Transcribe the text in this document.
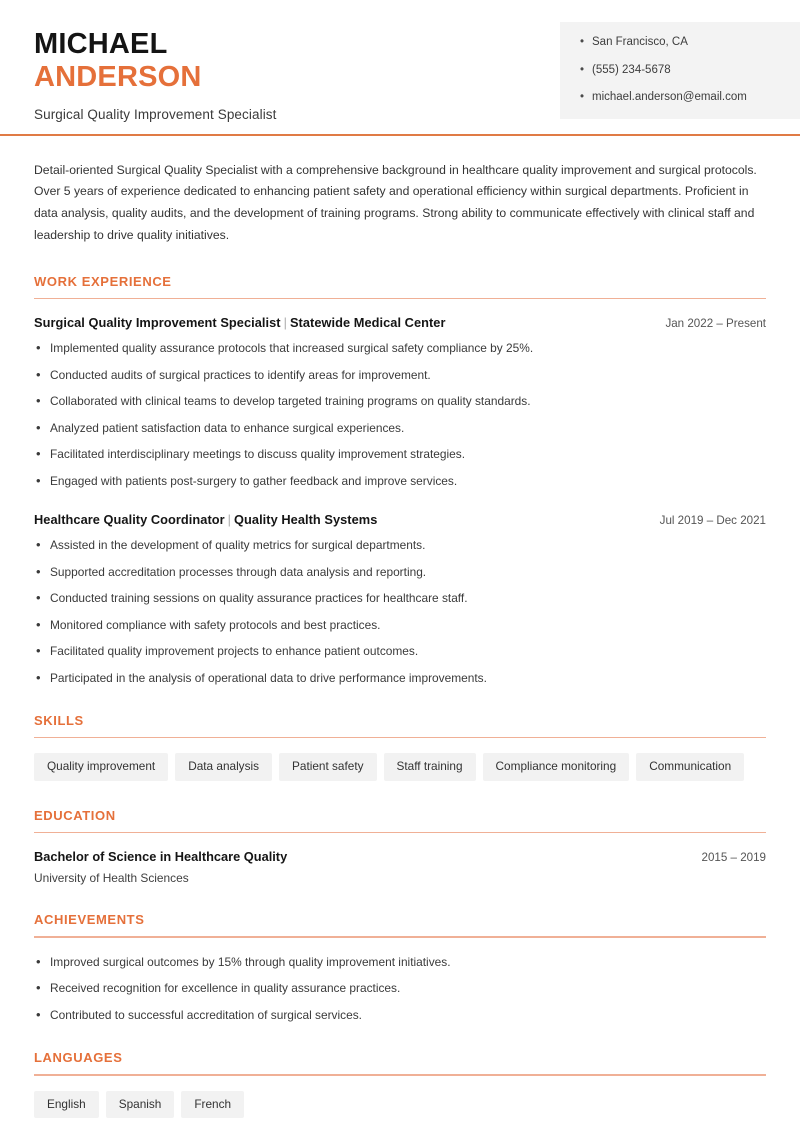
MICHAEL
ANDERSON
Surgical Quality Improvement Specialist
• San Francisco, CA
• (555) 234-5678
• michael.anderson@email.com

Detail-oriented Surgical Quality Specialist with a comprehensive background in healthcare quality improvement and surgical protocols. Over 5 years of experience dedicated to enhancing patient safety and operational efficiency within surgical departments. Proficient in data analysis, quality audits, and the development of training programs. Strong ability to communicate effectively with clinical staff and leadership to drive quality initiatives.

WORK EXPERIENCE
Surgical Quality Improvement Specialist | Statewide Medical Center	Jan 2022 – Present
• Implemented quality assurance protocols that increased surgical safety compliance by 25%.
• Conducted audits of surgical practices to identify areas for improvement.
• Collaborated with clinical teams to develop targeted training programs on quality standards.
• Analyzed patient satisfaction data to enhance surgical experiences.
• Facilitated interdisciplinary meetings to discuss quality improvement strategies.
• Engaged with patients post-surgery to gather feedback and improve services.
Healthcare Quality Coordinator | Quality Health Systems	Jul 2019 – Dec 2021
• Assisted in the development of quality metrics for surgical departments.
• Supported accreditation processes through data analysis and reporting.
• Conducted training sessions on quality assurance practices for healthcare staff.
• Monitored compliance with safety protocols and best practices.
• Facilitated quality improvement projects to enhance patient outcomes.
• Participated in the analysis of operational data to drive performance improvements.
SKILLS
Quality improvement	Data analysis	Patient safety	Staff training	Compliance monitoring	Communication
EDUCATION
Bachelor of Science in Healthcare Quality	2015 – 2019
University of Health Sciences
ACHIEVEMENTS
• Improved surgical outcomes by 15% through quality improvement initiatives.
• Received recognition for excellence in quality assurance practices.
• Contributed to successful accreditation of surgical services.
LANGUAGES
English	Spanish	French
